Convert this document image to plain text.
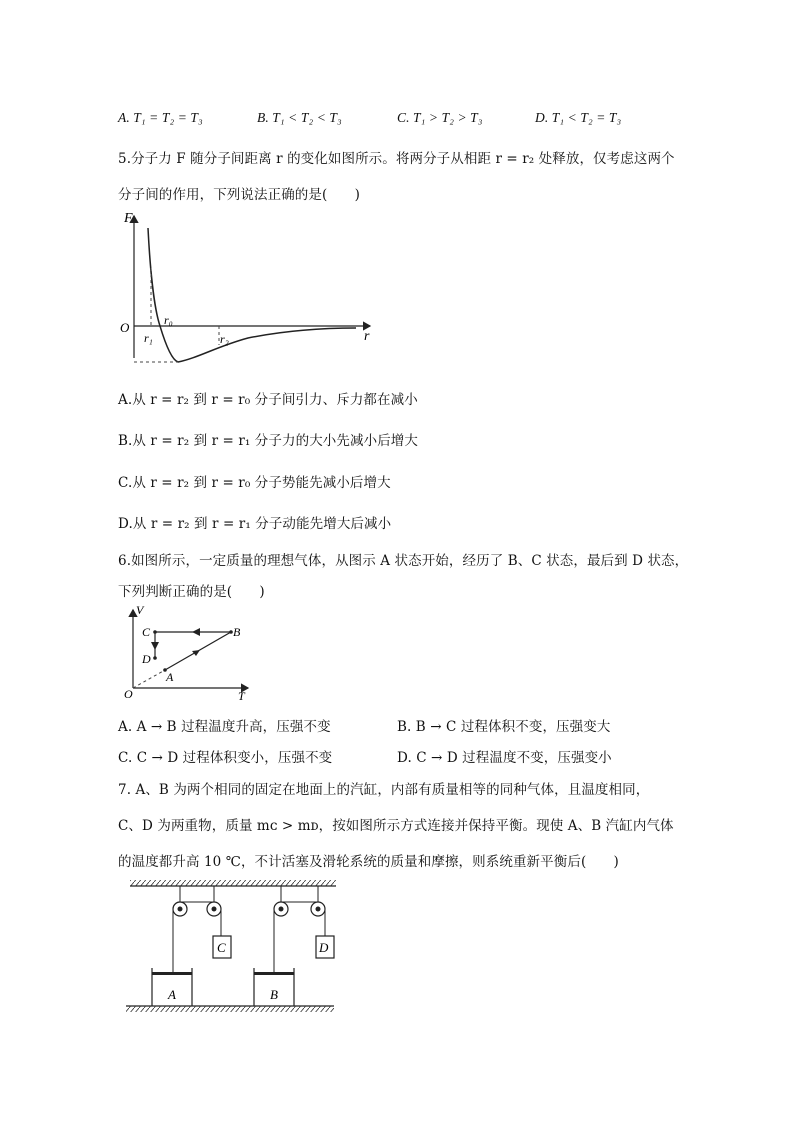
A. T₁ = T₂ = T₃	B. T₁ < T₂ < T₃	C. T₁ > T₂ > T₃	D. T₁ < T₂ = T₃
5.分子力 F 随分子间距离 r 的变化如图所示。将两分子从相距 r = r₂ 处释放，仅考虑这两个
分子间的作用，下列说法正确的是(　　)
F
r
O
r₁
r₀
r₂
A.从 r = r₂ 到 r = r₀ 分子间引力、斥力都在减小
B.从 r = r₂ 到 r = r₁ 分子力的大小先减小后增大
C.从 r = r₂ 到 r = r₀ 分子势能先减小后增大
D.从 r = r₂ 到 r = r₁ 分子动能先增大后减小
6.如图所示，一定质量的理想气体，从图示 A 状态开始，经历了 B、C 状态，最后到 D 状态，
下列判断正确的是(　　)
V
T
O
A
B
C
D
A. A → B 过程温度升高，压强不变	B. B → C 过程体积不变，压强变大
C. C → D 过程体积变小，压强不变	D. C → D 过程温度不变，压强变小
7. A、B 为两个相同的固定在地面上的汽缸，内部有质量相等的同种气体，且温度相同，
C、D 为两重物，质量 mᴄ > mᴅ，按如图所示方式连接并保持平衡。现使 A、B 汽缸内气体
的温度都升高 10 ℃，不计活塞及滑轮系统的质量和摩擦，则系统重新平衡后(　　)
C
A
D
B
